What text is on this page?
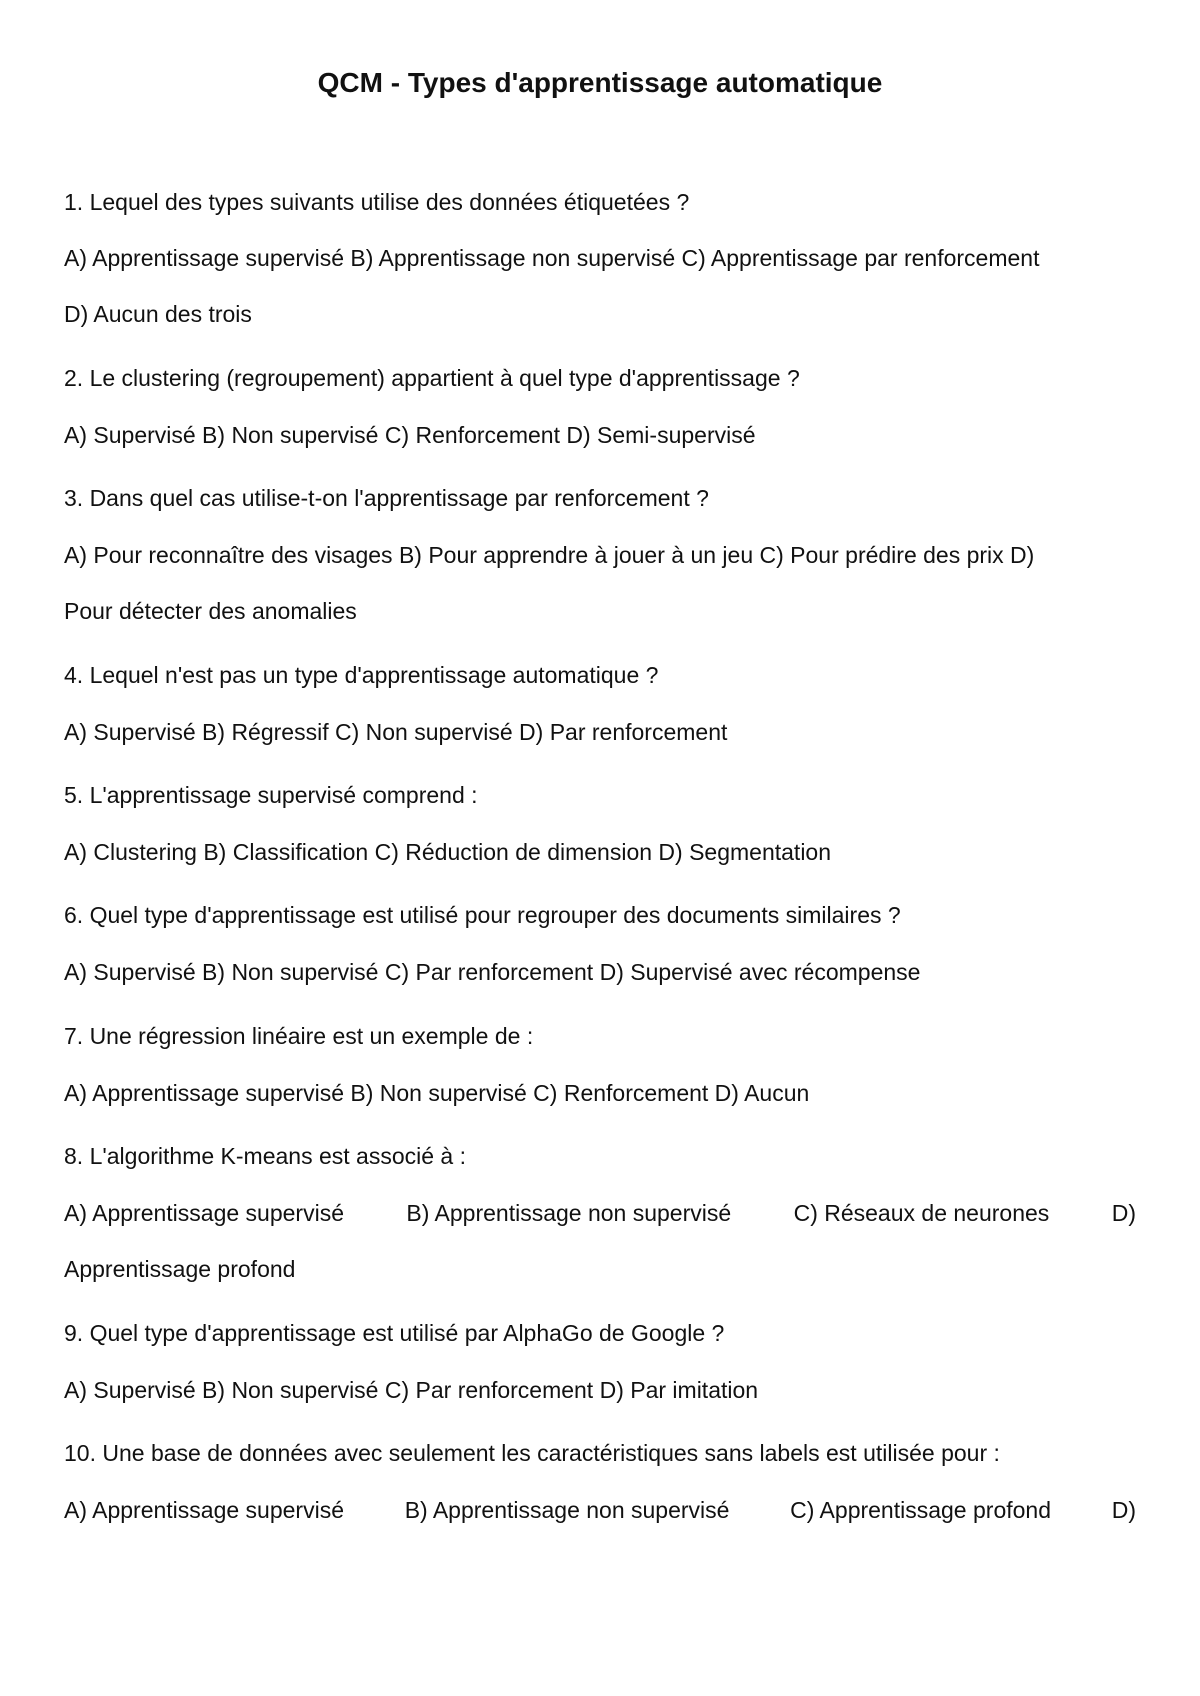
QCM - Types d'apprentissage automatique

1. Lequel des types suivants utilise des données étiquetées ?

A) Apprentissage supervisé B) Apprentissage non supervisé C) Apprentissage par renforcement

D) Aucun des trois

2. Le clustering (regroupement) appartient à quel type d'apprentissage ?

A) Supervisé B) Non supervisé C) Renforcement D) Semi-supervisé

3. Dans quel cas utilise-t-on l'apprentissage par renforcement ?

A) Pour reconnaître des visages B) Pour apprendre à jouer à un jeu C) Pour prédire des prix D)

Pour détecter des anomalies

4. Lequel n'est pas un type d'apprentissage automatique ?

A) Supervisé B) Régressif C) Non supervisé D) Par renforcement

5. L'apprentissage supervisé comprend :

A) Clustering B) Classification C) Réduction de dimension D) Segmentation

6. Quel type d'apprentissage est utilisé pour regrouper des documents similaires ?

A) Supervisé B) Non supervisé C) Par renforcement D) Supervisé avec récompense

7. Une régression linéaire est un exemple de :

A) Apprentissage supervisé B) Non supervisé C) Renforcement D) Aucun

8. L'algorithme K-means est associé à :

A) Apprentissage supervisé	B) Apprentissage non supervisé	C) Réseaux de neurones	D)

Apprentissage profond

9. Quel type d'apprentissage est utilisé par AlphaGo de Google ?

A) Supervisé B) Non supervisé C) Par renforcement D) Par imitation

10. Une base de données avec seulement les caractéristiques sans labels est utilisée pour :

A) Apprentissage supervisé	B) Apprentissage non supervisé	C) Apprentissage profond	D)
